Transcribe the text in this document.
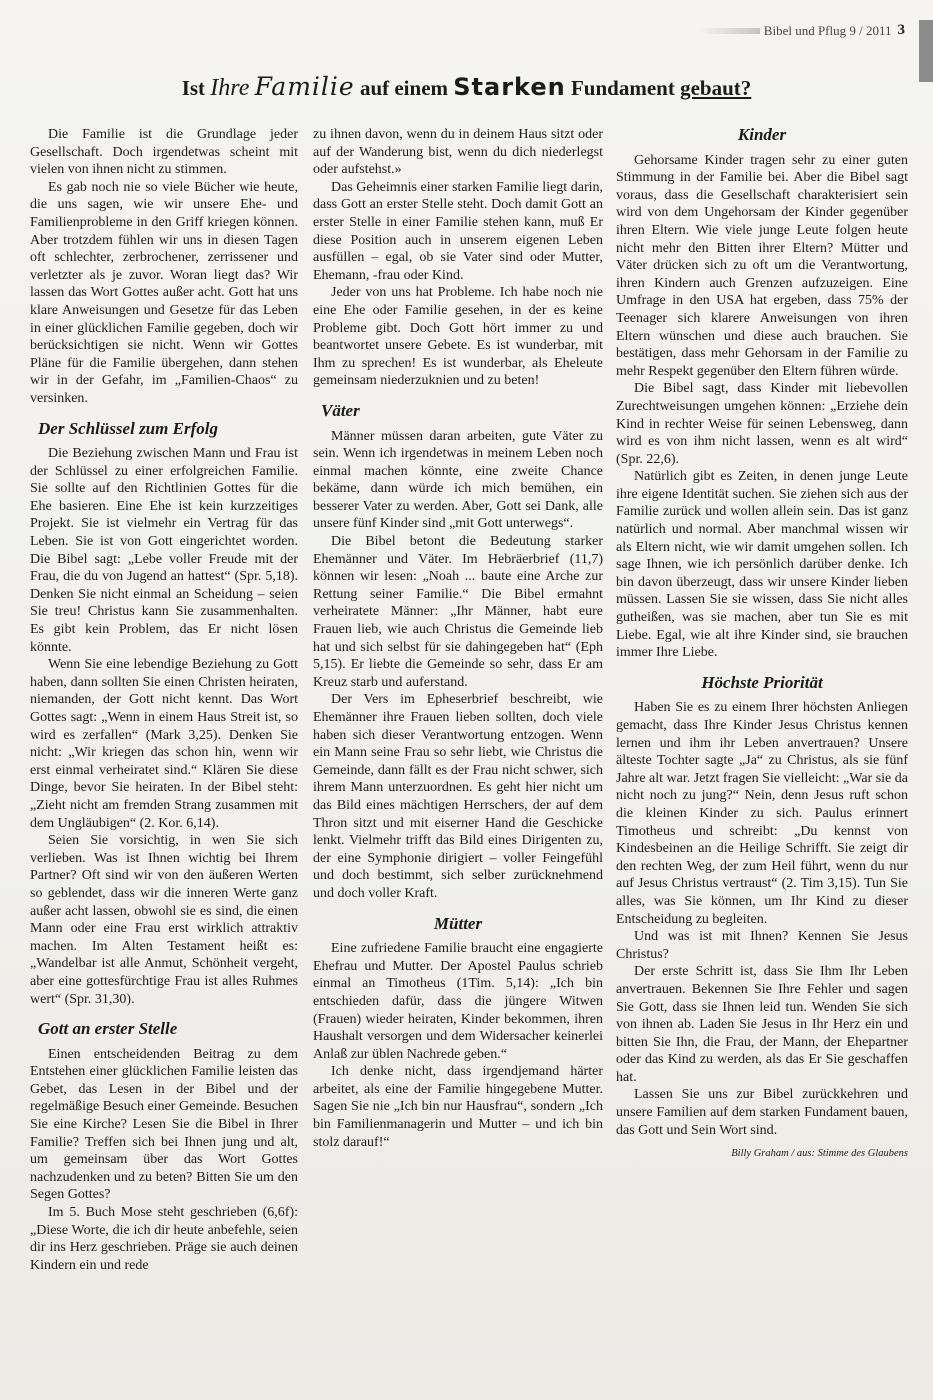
Bibel und Pflug 9 / 2011 3
Ist Ihre Familie auf einem Starken Fundament gebaut?

Die Familie ist die Grundlage jeder Gesellschaft. Doch irgendetwas scheint mit vielen von ihnen nicht zu stimmen.

Es gab noch nie so viele Bücher wie heute, die uns sagen, wie wir unsere Ehe- und Familienprobleme in den Griff kriegen können. Aber trotzdem fühlen wir uns in diesen Tagen oft schlechter, zerbrochener, zerrissener und verletzter als je zuvor. Woran liegt das? Wir lassen das Wort Gottes außer acht. Gott hat uns klare Anweisungen und Gesetze für das Leben in einer glücklichen Familie gegeben, doch wir berücksichtigen sie nicht. Wenn wir Gottes Pläne für die Familie übergehen, dann stehen wir in der Gefahr, im „Familien-Chaos“ zu versinken.

Der Schlüssel zum Erfolg

Die Beziehung zwischen Mann und Frau ist der Schlüssel zu einer erfolgreichen Familie. Sie sollte auf den Richtlinien Gottes für die Ehe basieren. Eine Ehe ist kein kurzzeitiges Projekt. Sie ist vielmehr ein Vertrag für das Leben. Sie ist von Gott eingerichtet worden. Die Bibel sagt: „Lebe voller Freude mit der Frau, die du von Jugend an hattest“ (Spr. 5,18). Denken Sie nicht einmal an Scheidung – seien Sie treu! Christus kann Sie zusammenhalten. Es gibt kein Problem, das Er nicht lösen könnte.

Wenn Sie eine lebendige Beziehung zu Gott haben, dann sollten Sie einen Christen heiraten, niemanden, der Gott nicht kennt. Das Wort Gottes sagt: „Wenn in einem Haus Streit ist, so wird es zerfallen“ (Mark 3,25). Denken Sie nicht: „Wir kriegen das schon hin, wenn wir erst einmal verheiratet sind.“ Klären Sie diese Dinge, bevor Sie heiraten. In der Bibel steht: „Zieht nicht am fremden Strang zusammen mit dem Ungläubigen“ (2. Kor. 6,14).

Seien Sie vorsichtig, in wen Sie sich verlieben. Was ist Ihnen wichtig bei Ihrem Partner? Oft sind wir von den äußeren Werten so geblendet, dass wir die inneren Werte ganz außer acht lassen, obwohl sie es sind, die einen Mann oder eine Frau erst wirklich attraktiv machen. Im Alten Testament heißt es: „Wandelbar ist alle Anmut, Schönheit vergeht, aber eine gottesfürchtige Frau ist alles Ruhmes wert“ (Spr. 31,30).

Gott an erster Stelle

Einen entscheidenden Beitrag zu dem Entstehen einer glücklichen Familie leisten das Gebet, das Lesen in der Bibel und der regelmäßige Besuch einer Gemeinde. Besuchen Sie eine Kirche? Lesen Sie die Bibel in Ihrer Familie? Treffen sich bei Ihnen jung und alt, um gemeinsam über das Wort Gottes nachzudenken und zu beten? Bitten Sie um den Segen Gottes?

Im 5. Buch Mose steht geschrieben (6,6f): „Diese Worte, die ich dir heute anbefehle, seien dir ins Herz geschrieben. Präge sie auch deinen Kindern ein und rede

zu ihnen davon, wenn du in deinem Haus sitzt oder auf der Wanderung bist, wenn du dich niederlegst oder aufstehst.»

Das Geheimnis einer starken Familie liegt darin, dass Gott an erster Stelle steht. Doch damit Gott an erster Stelle in einer Familie stehen kann, muß Er diese Position auch in unserem eigenen Leben ausfüllen – egal, ob sie Vater sind oder Mutter, Ehemann, -frau oder Kind.

Jeder von uns hat Probleme. Ich habe noch nie eine Ehe oder Familie gesehen, in der es keine Probleme gibt. Doch Gott hört immer zu und beantwortet unsere Gebete. Es ist wunderbar, mit Ihm zu sprechen! Es ist wunderbar, als Eheleute gemeinsam niederzuknien und zu beten!

Väter

Männer müssen daran arbeiten, gute Väter zu sein. Wenn ich irgendetwas in meinem Leben noch einmal machen könnte, eine zweite Chance bekäme, dann würde ich mich bemühen, ein besserer Vater zu werden. Aber, Gott sei Dank, alle unsere fünf Kinder sind „mit Gott unterwegs“.

Die Bibel betont die Bedeutung starker Ehemänner und Väter. Im Hebräerbrief (11,7) können wir lesen: „Noah ... baute eine Arche zur Rettung seiner Familie.“ Die Bibel ermahnt verheiratete Männer: „Ihr Männer, habt eure Frauen lieb, wie auch Christus die Gemeinde lieb hat und sich selbst für sie dahingegeben hat“ (Eph 5,15). Er liebte die Gemeinde so sehr, dass Er am Kreuz starb und auferstand.

Der Vers im Epheserbrief beschreibt, wie Ehemänner ihre Frauen lieben sollten, doch viele haben sich dieser Verantwortung entzogen. Wenn ein Mann seine Frau so sehr liebt, wie Christus die Gemeinde, dann fällt es der Frau nicht schwer, sich ihrem Mann unterzuordnen. Es geht hier nicht um das Bild eines mächtigen Herrschers, der auf dem Thron sitzt und mit eiserner Hand die Geschicke lenkt. Vielmehr trifft das Bild eines Dirigenten zu, der eine Symphonie dirigiert – voller Feingefühl und doch bestimmt, sich selber zurücknehmend und doch voller Kraft.

Mütter

Eine zufriedene Familie braucht eine engagierte Ehefrau und Mutter. Der Apostel Paulus schrieb einmal an Timotheus (1Tim. 5,14): „Ich bin entschieden dafür, dass die jüngere Witwen (Frauen) wieder heiraten, Kinder bekommen, ihren Haushalt versorgen und dem Widersacher keinerlei Anlaß zur üblen Nachrede geben.“

Ich denke nicht, dass irgendjemand härter arbeitet, als eine der Familie hingegebene Mutter. Sagen Sie nie „Ich bin nur Hausfrau“, sondern „Ich bin Familienmanagerin und Mutter – und ich bin stolz darauf!“

Kinder

Gehorsame Kinder tragen sehr zu einer guten Stimmung in der Familie bei. Aber die Bibel sagt voraus, dass die Gesellschaft charakterisiert sein wird von dem Ungehorsam der Kinder gegenüber ihren Eltern. Wie viele junge Leute folgen heute nicht mehr den Bitten ihrer Eltern? Mütter und Väter drücken sich zu oft um die Verantwortung, ihren Kindern auch Grenzen aufzuzeigen. Eine Umfrage in den USA hat ergeben, dass 75% der Teenager sich klarere Anweisungen von ihren Eltern wünschen und diese auch brauchen. Sie bestätigen, dass mehr Gehorsam in der Familie zu mehr Respekt gegenüber den Eltern führen würde.

Die Bibel sagt, dass Kinder mit liebevollen Zurechtweisungen umgehen können: „Erziehe dein Kind in rechter Weise für seinen Lebensweg, dann wird es von ihm nicht lassen, wenn es alt wird“ (Spr. 22,6).

Natürlich gibt es Zeiten, in denen junge Leute ihre eigene Identität suchen. Sie ziehen sich aus der Familie zurück und wollen allein sein. Das ist ganz natürlich und normal. Aber manchmal wissen wir als Eltern nicht, wie wir damit umgehen sollen. Ich sage Ihnen, wie ich persönlich darüber denke. Ich bin davon überzeugt, dass wir unsere Kinder lieben müssen. Lassen Sie sie wissen, dass Sie nicht alles gutheißen, was sie machen, aber tun Sie es mit Liebe. Egal, wie alt ihre Kinder sind, sie brauchen immer Ihre Liebe.

Höchste Priorität

Haben Sie es zu einem Ihrer höchsten Anliegen gemacht, dass Ihre Kinder Jesus Christus kennen lernen und ihm ihr Leben anvertrauen? Unsere älteste Tochter sagte „Ja“ zu Christus, als sie fünf Jahre alt war. Jetzt fragen Sie vielleicht: „War sie da nicht noch zu jung?“ Nein, denn Jesus ruft schon die kleinen Kinder zu sich. Paulus erinnert Timotheus und schreibt: „Du kennst von Kindesbeinen an die Heilige Schrifft. Sie zeigt dir den rechten Weg, der zum Heil führt, wenn du nur auf Jesus Christus vertraust“ (2. Tim 3,15). Tun Sie alles, was Sie können, um Ihr Kind zu dieser Entscheidung zu begleiten.

Und was ist mit Ihnen? Kennen Sie Jesus Christus?

Der erste Schritt ist, dass Sie Ihm Ihr Leben anvertrauen. Bekennen Sie Ihre Fehler und sagen Sie Gott, dass sie Ihnen leid tun. Wenden Sie sich von ihnen ab. Laden Sie Jesus in Ihr Herz ein und bitten Sie Ihn, die Frau, der Mann, der Ehepartner oder das Kind zu werden, als das Er Sie geschaffen hat.

Lassen Sie uns zur Bibel zurückkehren und unsere Familien auf dem starken Fundament bauen, das Gott und Sein Wort sind.

Billy Graham / aus: Stimme des Glaubens
